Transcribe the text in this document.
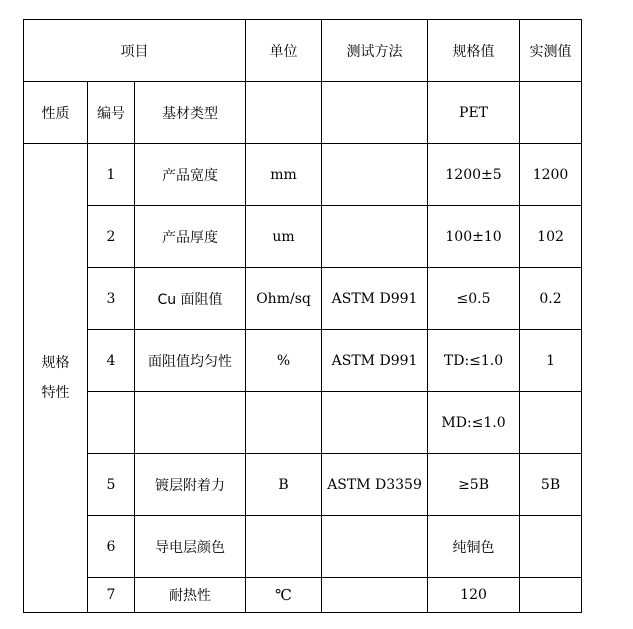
项目			单位	测试方法	规格值	实测值
性质	编号	基材类型			PET	
规格特性	1	产品宽度	mm		1200±5	1200
	2	产品厚度	um		100±10	102
	3	Cu 面阻值	Ohm/sq	ASTM D991	≤0.5	0.2
	4	面阻值均匀性	%	ASTM D991	TD:≤1.0	1
					MD:≤1.0	
	5	镀层附着力	B	ASTM D3359	≥5B	5B
	6	导电层颜色			纯铜色	
	7	耐热性	℃		120	
